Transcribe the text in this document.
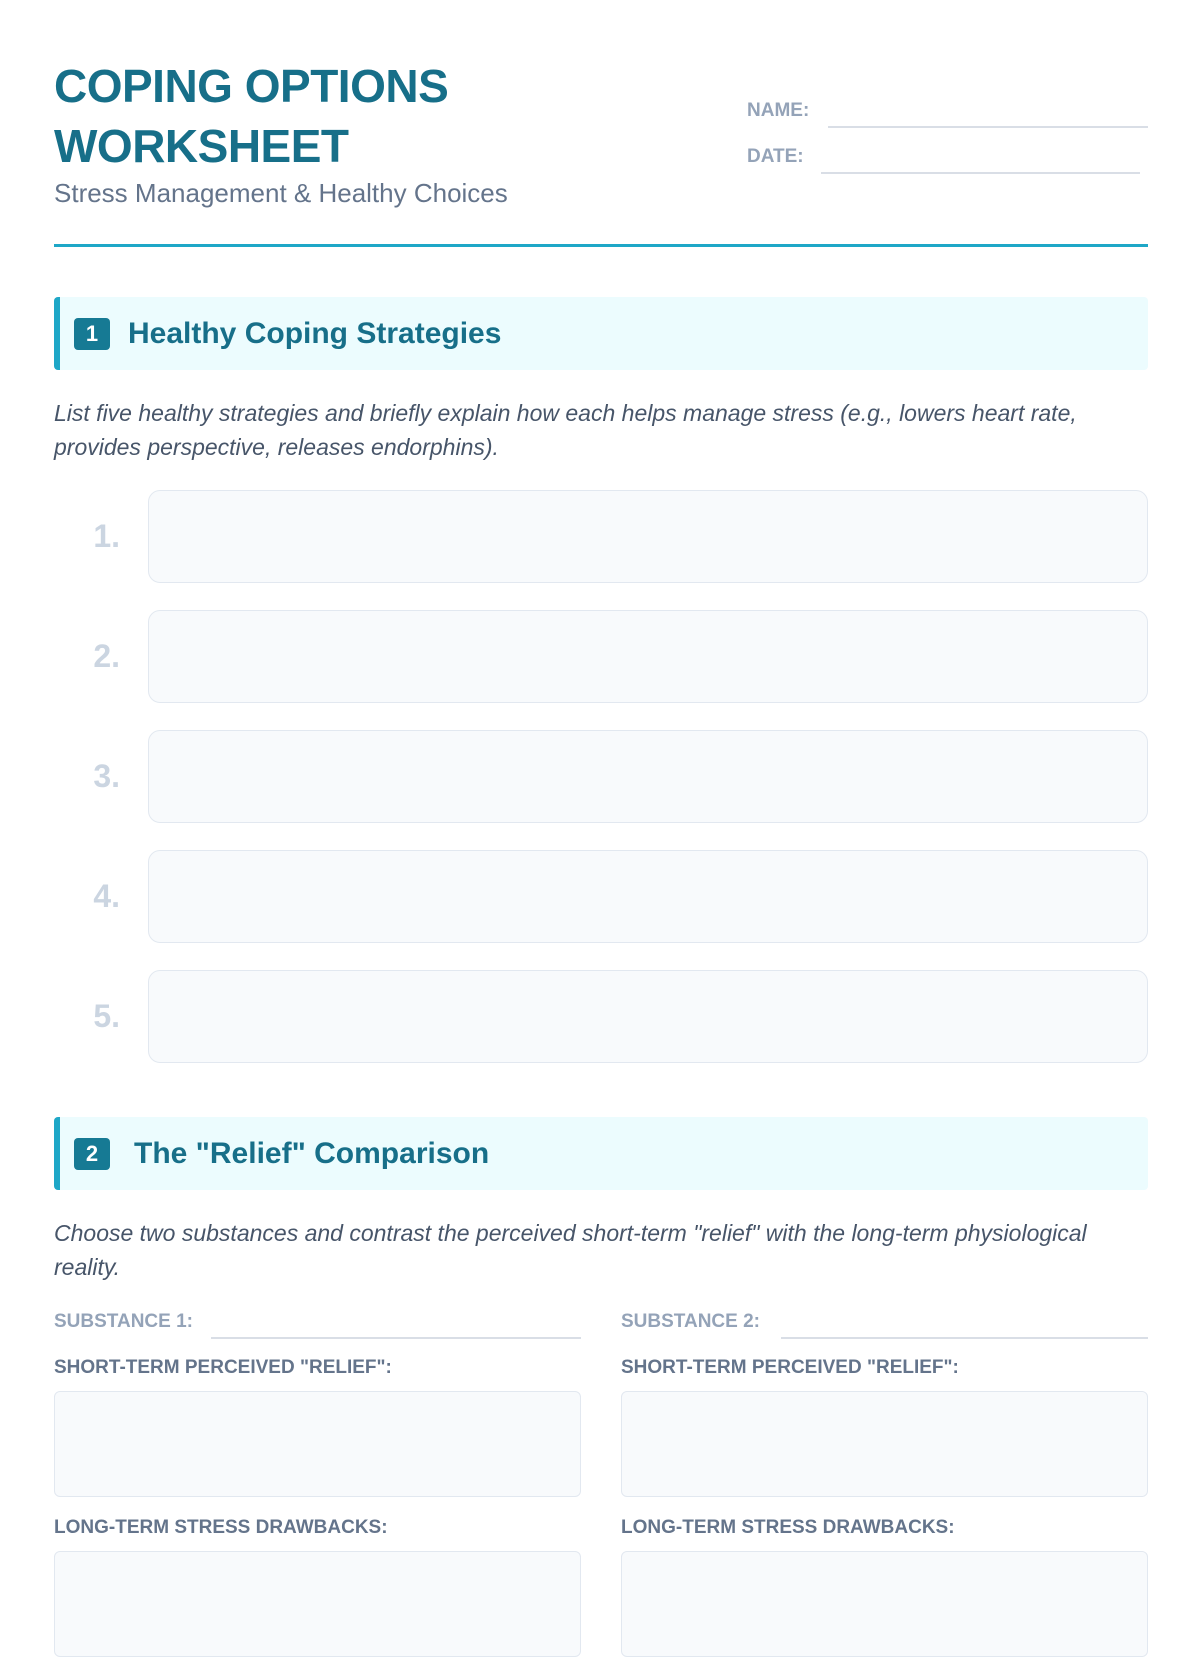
COPING OPTIONS
WORKSHEET
Stress Management & Healthy Choices
NAME:
DATE:
1 Healthy Coping Strategies
List five healthy strategies and briefly explain how each helps manage stress (e.g., lowers heart rate, provides perspective, releases endorphins).
1.
2.
3.
4.
5.
2	The "Relief" Comparison
Choose two substances and contrast the perceived short-term "relief" with the long-term physiological reality.
SUBSTANCE 1:
SHORT-TERM PERCEIVED "RELIEF":
LONG-TERM STRESS DRAWBACKS:
SUBSTANCE 2:
SHORT-TERM PERCEIVED "RELIEF":
LONG-TERM STRESS DRAWBACKS:
